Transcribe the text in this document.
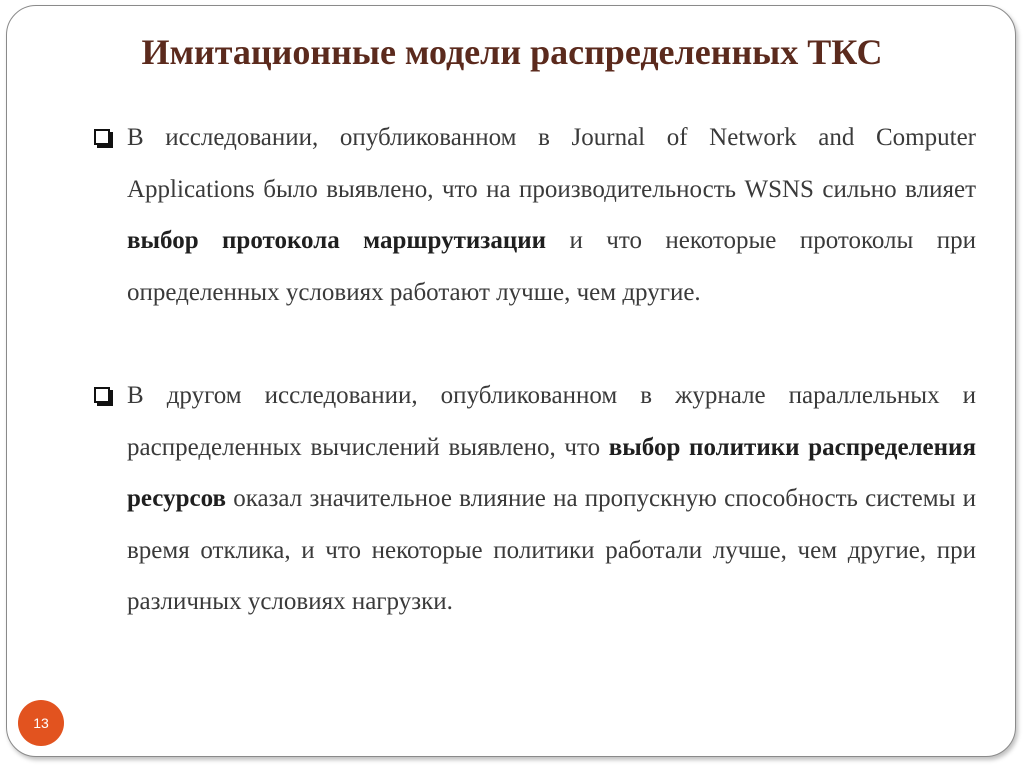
Имитационные модели распределенных ТКС

В исследовании, опубликованном в Journal of Network and Computer Applications было выявлено, что на производительность WSNS сильно влияет выбор протокола маршрутизации и что некоторые протоколы при определенных условиях работают лучше, чем другие.

В другом исследовании, опубликованном в журнале параллельных и распределенных вычислений выявлено, что выбор политики распределения ресурсов оказал значительное влияние на пропускную способность системы и время отклика, и что некоторые политики работали лучше, чем другие, при различных условиях нагрузки.

13
